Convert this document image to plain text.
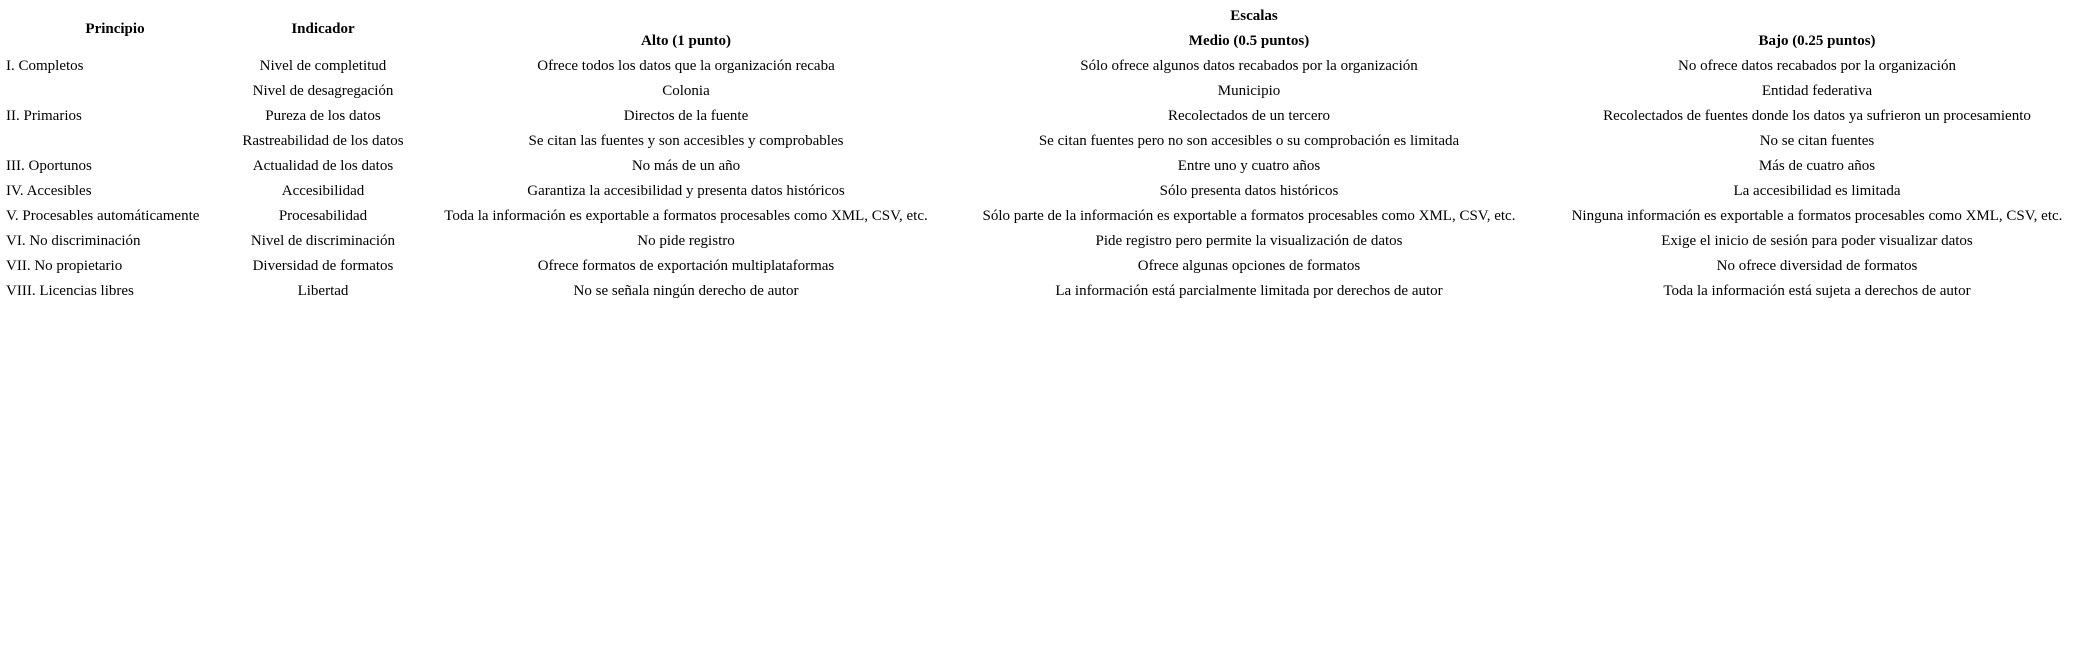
Principio	Indicador	Escalas		
		Alto (1 punto)	Medio (0.5 puntos)	Bajo (0.25 puntos)
I. Completos	Nivel de completitud	Ofrece todos los datos que la organización recaba	Sólo ofrece algunos datos recabados por la organización	No ofrece datos recabados por la organización
	Nivel de desagregación	Colonia	Municipio	Entidad federativa
II. Primarios	Pureza de los datos	Directos de la fuente	Recolectados de un tercero	Recolectados de fuentes donde los datos ya sufrieron un procesamiento
	Rastreabilidad de los datos	Se citan las fuentes y son accesibles y comprobables	Se citan fuentes pero no son accesibles o su comprobación es limitada	No se citan fuentes
III. Oportunos	Actualidad de los datos	No más de un año	Entre uno y cuatro años	Más de cuatro años
IV. Accesibles	Accesibilidad	Garantiza la accesibilidad y presenta datos históricos	Sólo presenta datos históricos	La accesibilidad es limitada
V. Procesables automáticamente	Procesabilidad	Toda la información es exportable a formatos procesables como XML, CSV, etc.	Sólo parte de la información es exportable a formatos procesables como XML, CSV, etc.	Ninguna información es exportable a formatos procesables como XML, CSV, etc.
VI. No discriminación	Nivel de discriminación	No pide registro	Pide registro pero permite la visualización de datos	Exige el inicio de sesión para poder visualizar datos
VII. No propietario	Diversidad de formatos	Ofrece formatos de exportación multiplataformas	Ofrece algunas opciones de formatos	No ofrece diversidad de formatos
VIII. Licencias libres	Libertad	No se señala ningún derecho de autor	La información está parcialmente limitada por derechos de autor	Toda la información está sujeta a derechos de autor
